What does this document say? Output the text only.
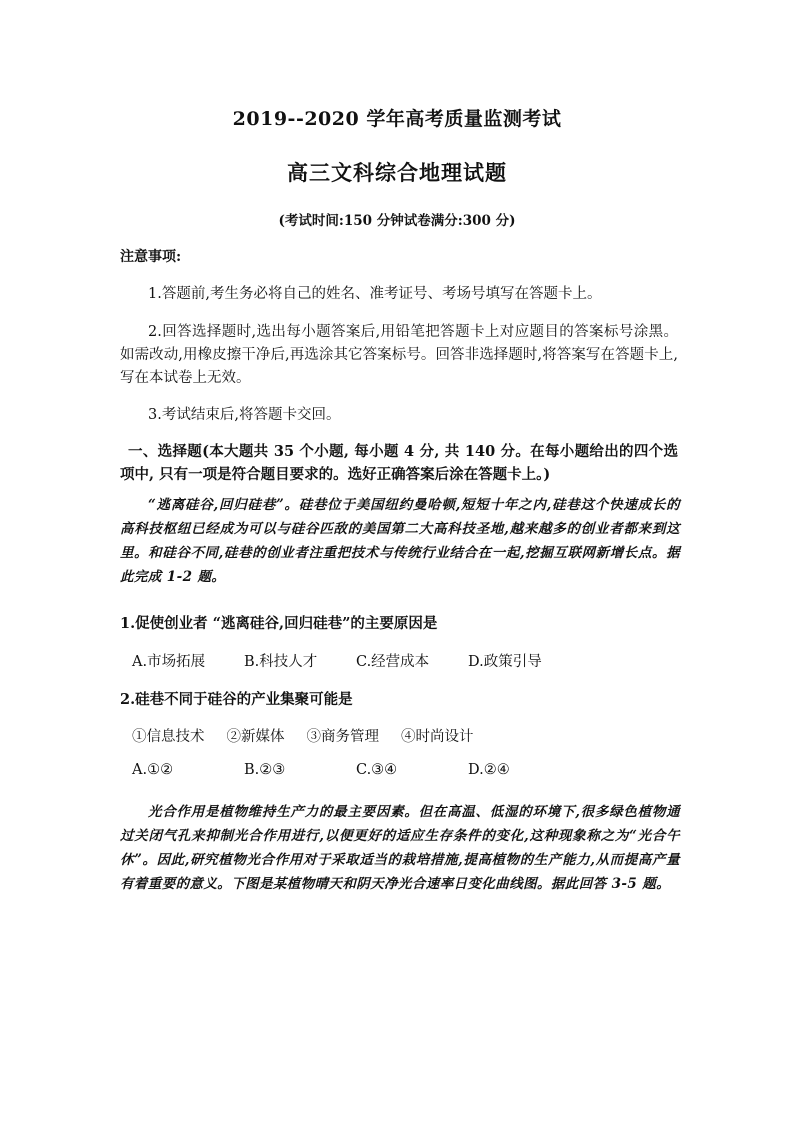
2019--2020 学年高考质量监测考试
高三文科综合地理试题
(考试时间:150 分钟试卷满分:300 分)
注意事项:
1.答题前,考生务必将自己的姓名、准考证号、考场号填写在答题卡上。
2.回答选择题时,选出每小题答案后,用铅笔把答题卡上对应题目的答案标号涂黑。如需改动,用橡皮擦干净后,再选涂其它答案标号。回答非选择题时,将答案写在答题卡上,写在本试卷上无效。
3.考试结束后,将答题卡交回。
一、选择题(本大题共 35 个小题, 每小题 4 分, 共 140 分。在每小题给出的四个选项中, 只有一项是符合题目要求的。选好正确答案后涂在答题卡上。)
“逃离硅谷,回归硅巷”。硅巷位于美国纽约曼哈顿,短短十年之内,硅巷这个快速成长的高科技枢纽已经成为可以与硅谷匹敌的美国第二大高科技圣地,越来越多的创业者都来到这里。和硅谷不同,硅巷的创业者注重把技术与传统行业结合在一起,挖掘互联网新增长点。据此完成 1-2 题。
1.促使创业者 “逃离硅谷,回归硅巷”的主要原因是
A.市场拓展	B.科技人才	C.经营成本	D.政策引导
2.硅巷不同于硅谷的产业集聚可能是
①信息技术 ②新媒体 ③商务管理 ④时尚设计
A.①②	B.②③	C.③④	D.②④
光合作用是植物维持生产力的最主要因素。但在高温、低湿的环境下,很多绿色植物通过关闭气孔来抑制光合作用进行,以便更好的适应生存条件的变化,这种现象称之为“光合午休”。因此,研究植物光合作用对于采取适当的栽培措施,提高植物的生产能力,从而提高产量有着重要的意义。下图是某植物晴天和阴天净光合速率日变化曲线图。据此回答 3-5 题。
